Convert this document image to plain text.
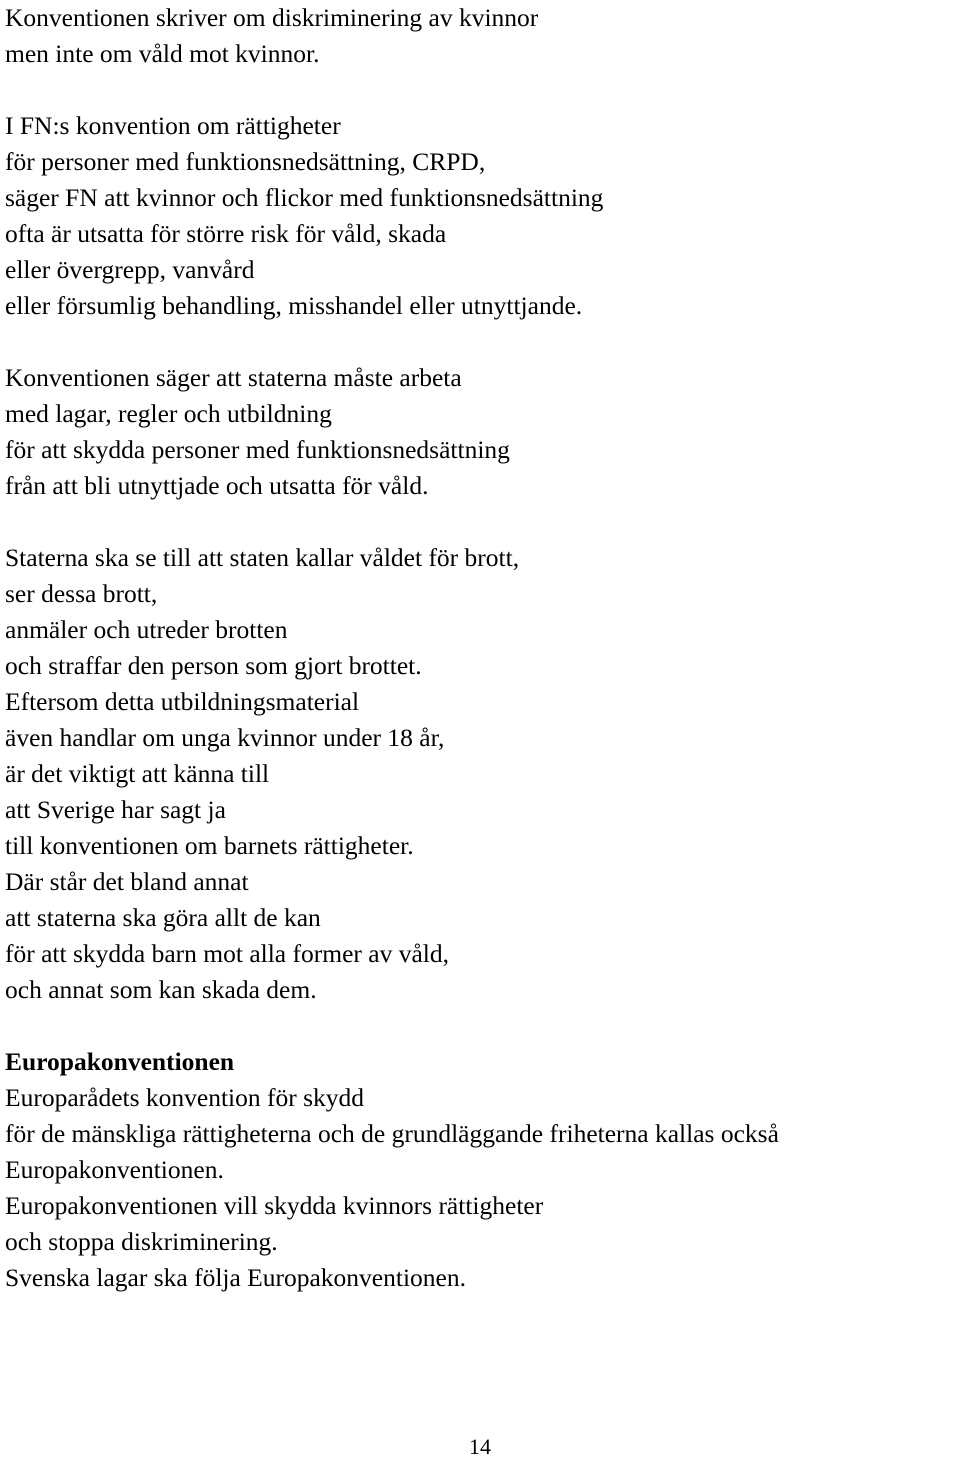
Konventionen skriver om diskriminering av kvinnor
men inte om våld mot kvinnor.
I FN:s konvention om rättigheter
för personer med funktionsnedsättning, CRPD,
säger FN att kvinnor och flickor med funktionsnedsättning
ofta är utsatta för större risk för våld, skada
eller övergrepp, vanvård
eller försumlig behandling, misshandel eller utnyttjande.
Konventionen säger att staterna måste arbeta
med lagar, regler och utbildning
för att skydda personer med funktionsnedsättning
från att bli utnyttjade och utsatta för våld.
Staterna ska se till att staten kallar våldet för brott,
ser dessa brott,
anmäler och utreder brotten
och straffar den person som gjort brottet.
Eftersom detta utbildningsmaterial
även handlar om unga kvinnor under 18 år,
är det viktigt att känna till
att Sverige har sagt ja
till konventionen om barnets rättigheter.
Där står det bland annat
att staterna ska göra allt de kan
för att skydda barn mot alla former av våld,
och annat som kan skada dem.
Europakonventionen
Europarådets konvention för skydd
för de mänskliga rättigheterna och de grundläggande friheterna kallas också
Europakonventionen.
Europakonventionen vill skydda kvinnors rättigheter
och stoppa diskriminering.
Svenska lagar ska följa Europakonventionen.
14
